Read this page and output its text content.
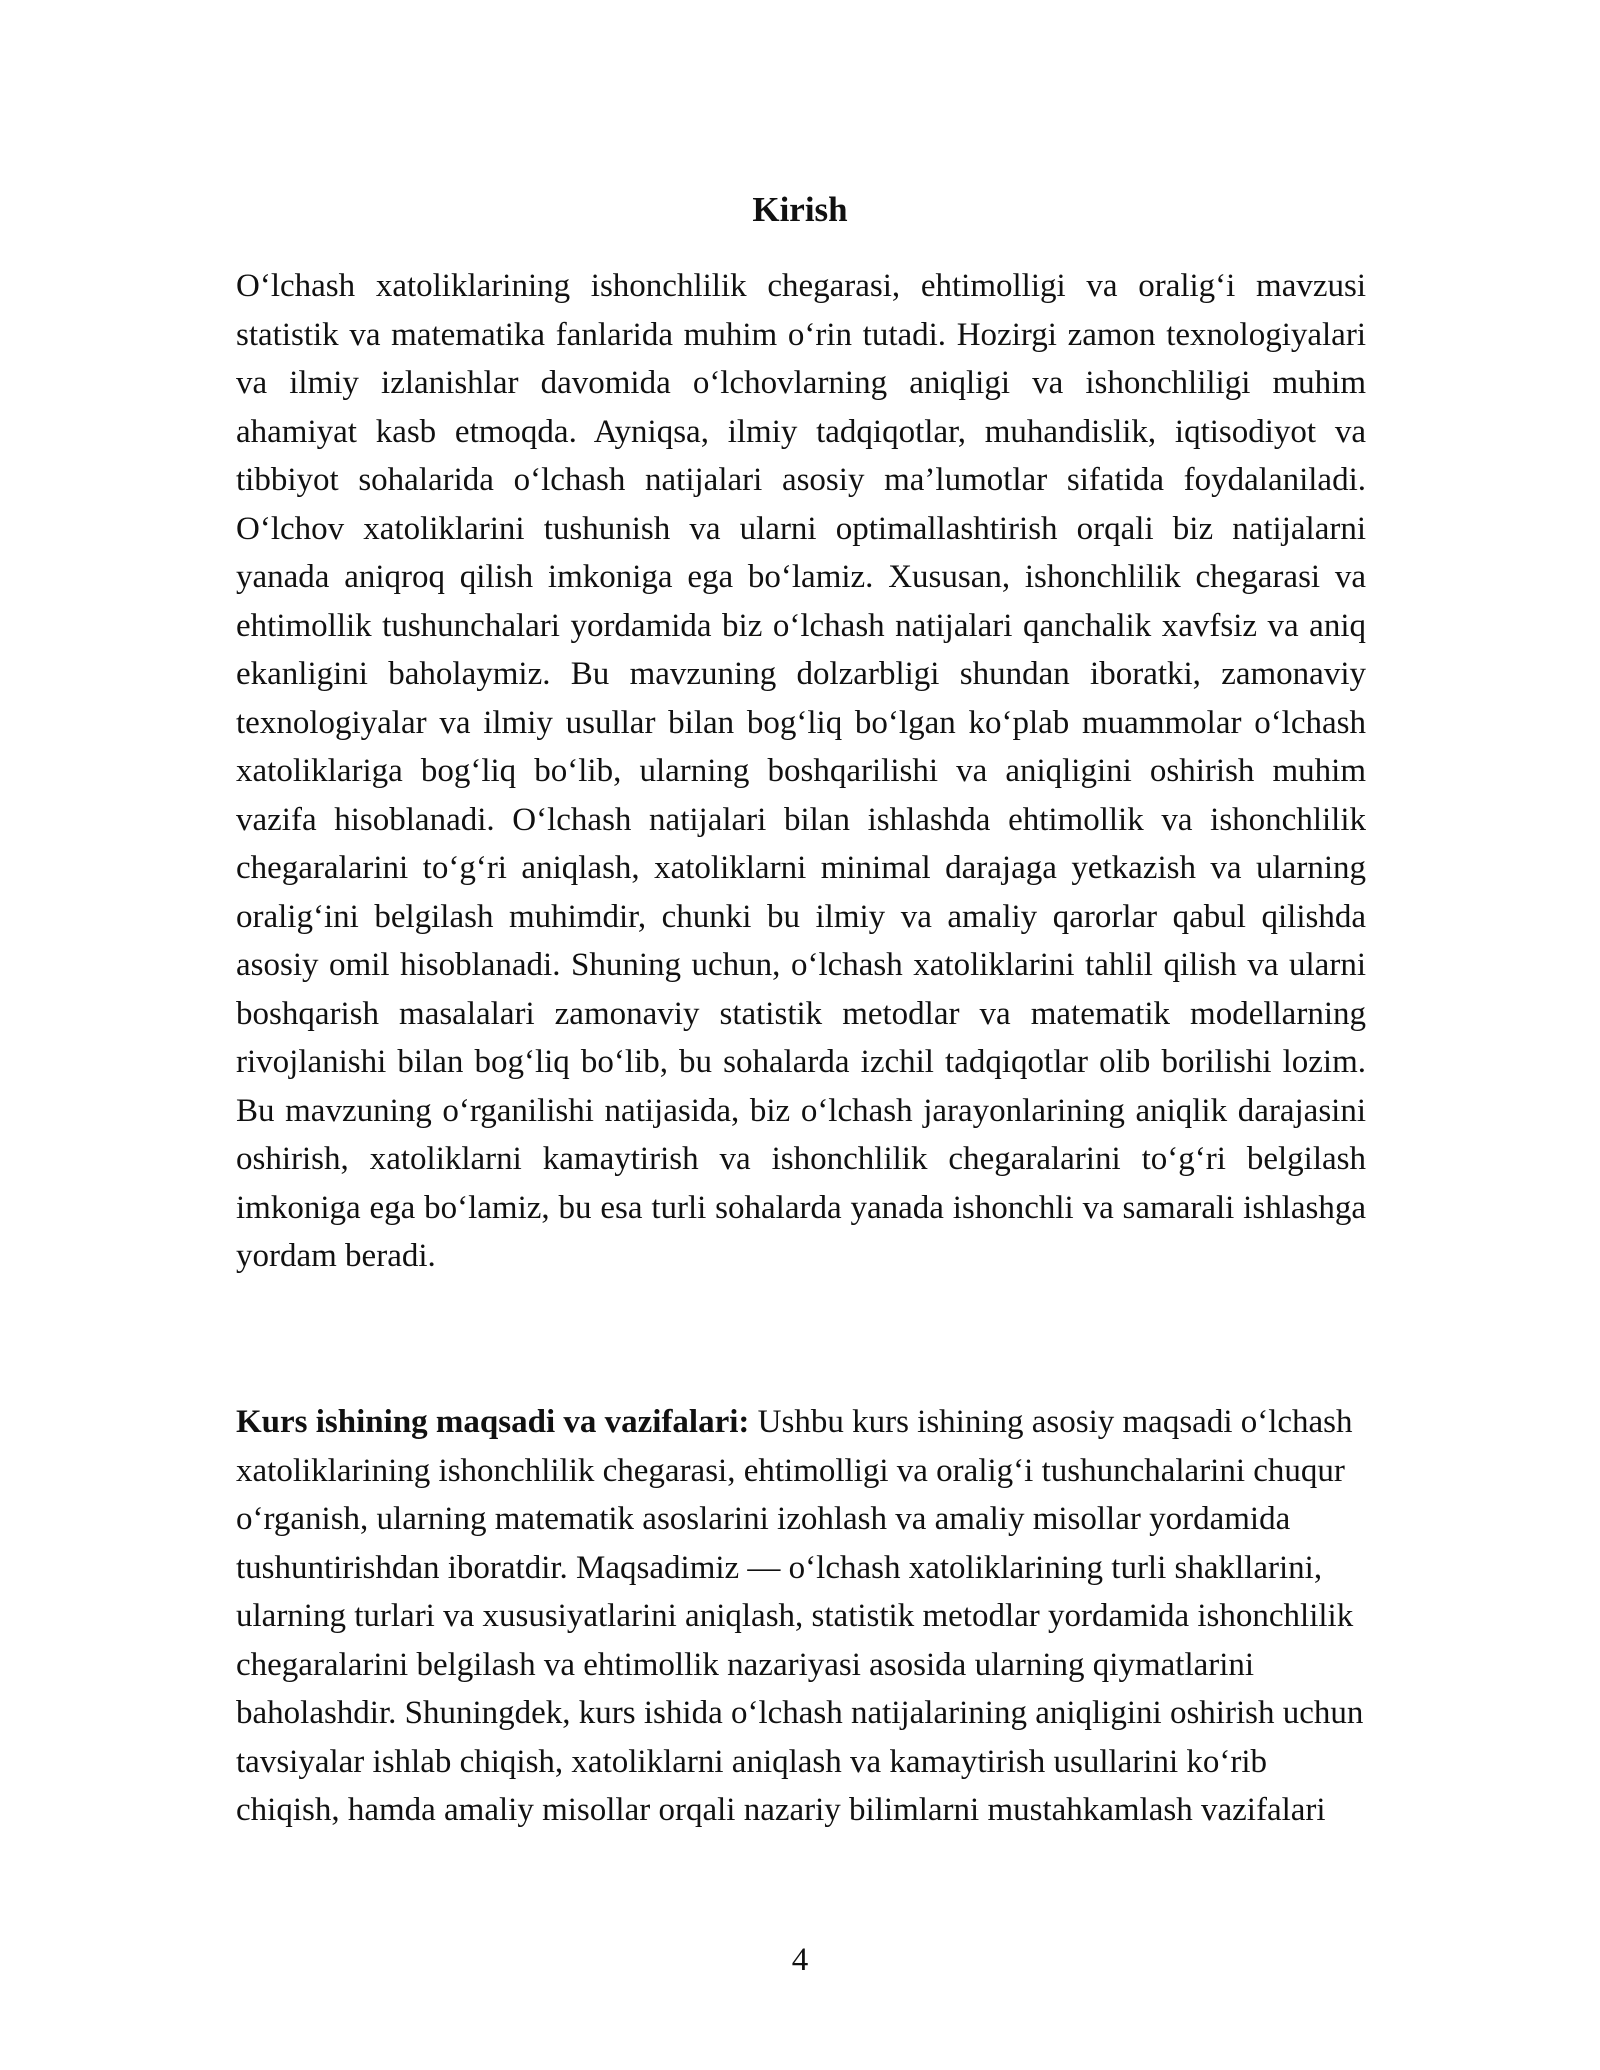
Kirish

O‘lchash xatoliklarining ishonchlilik chegarasi, ehtimolligi va oralig‘i mavzusi statistik va matematika fanlarida muhim o‘rin tutadi. Hozirgi zamon texnologiyalari va ilmiy izlanishlar davomida o‘lchovlarning aniqligi va ishonchliligi muhim ahamiyat kasb etmoqda. Ayniqsa, ilmiy tadqiqotlar, muhandislik, iqtisodiyot va tibbiyot sohalarida o‘lchash natijalari asosiy ma’lumotlar sifatida foydalaniladi. O‘lchov xatoliklarini tushunish va ularni optimallashtirish orqali biz natijalarni yanada aniqroq qilish imkoniga ega bo‘lamiz. Xususan, ishonchlilik chegarasi va ehtimollik tushunchalari yordamida biz o‘lchash natijalari qanchalik xavfsiz va aniq ekanligini baholaymiz. Bu mavzuning dolzarbligi shundan iboratki, zamonaviy texnologiyalar va ilmiy usullar bilan bog‘liq bo‘lgan ko‘plab muammolar o‘lchash xatoliklariga bog‘liq bo‘lib, ularning boshqarilishi va aniqligini oshirish muhim vazifa hisoblanadi. O‘lchash natijalari bilan ishlashda ehtimollik va ishonchlilik chegaralarini to‘g‘ri aniqlash, xatoliklarni minimal darajaga yetkazish va ularning oralig‘ini belgilash muhimdir, chunki bu ilmiy va amaliy qarorlar qabul qilishda asosiy omil hisoblanadi. Shuning uchun, o‘lchash xatoliklarini tahlil qilish va ularni boshqarish masalalari zamonaviy statistik metodlar va matematik modellarning rivojlanishi bilan bog‘liq bo‘lib, bu sohalarda izchil tadqiqotlar olib borilishi lozim. Bu mavzuning o‘rganilishi natijasida, biz o‘lchash jarayonlarining aniqlik darajasini oshirish, xatoliklarni kamaytirish va ishonchlilik chegaralarini to‘g‘ri belgilash imkoniga ega bo‘lamiz, bu esa turli sohalarda yanada ishonchli va samarali ishlashga yordam beradi.

Kurs ishining maqsadi va vazifalari: Ushbu kurs ishining asosiy maqsadi o‘lchash xatoliklarining ishonchlilik chegarasi, ehtimolligi va oralig‘i tushunchalarini chuqur o‘rganish, ularning matematik asoslarini izohlash va amaliy misollar yordamida tushuntirishdan iboratdir. Maqsadimiz — o‘lchash xatoliklarining turli shakllarini, ularning turlari va xususiyatlarini aniqlash, statistik metodlar yordamida ishonchlilik chegaralarini belgilash va ehtimollik nazariyasi asosida ularning qiymatlarini baholashdir. Shuningdek, kurs ishida o‘lchash natijalarining aniqligini oshirish uchun tavsiyalar ishlab chiqish, xatoliklarni aniqlash va kamaytirish usullarini ko‘rib chiqish, hamda amaliy misollar orqali nazariy bilimlarni mustahkamlash vazifalari

4
